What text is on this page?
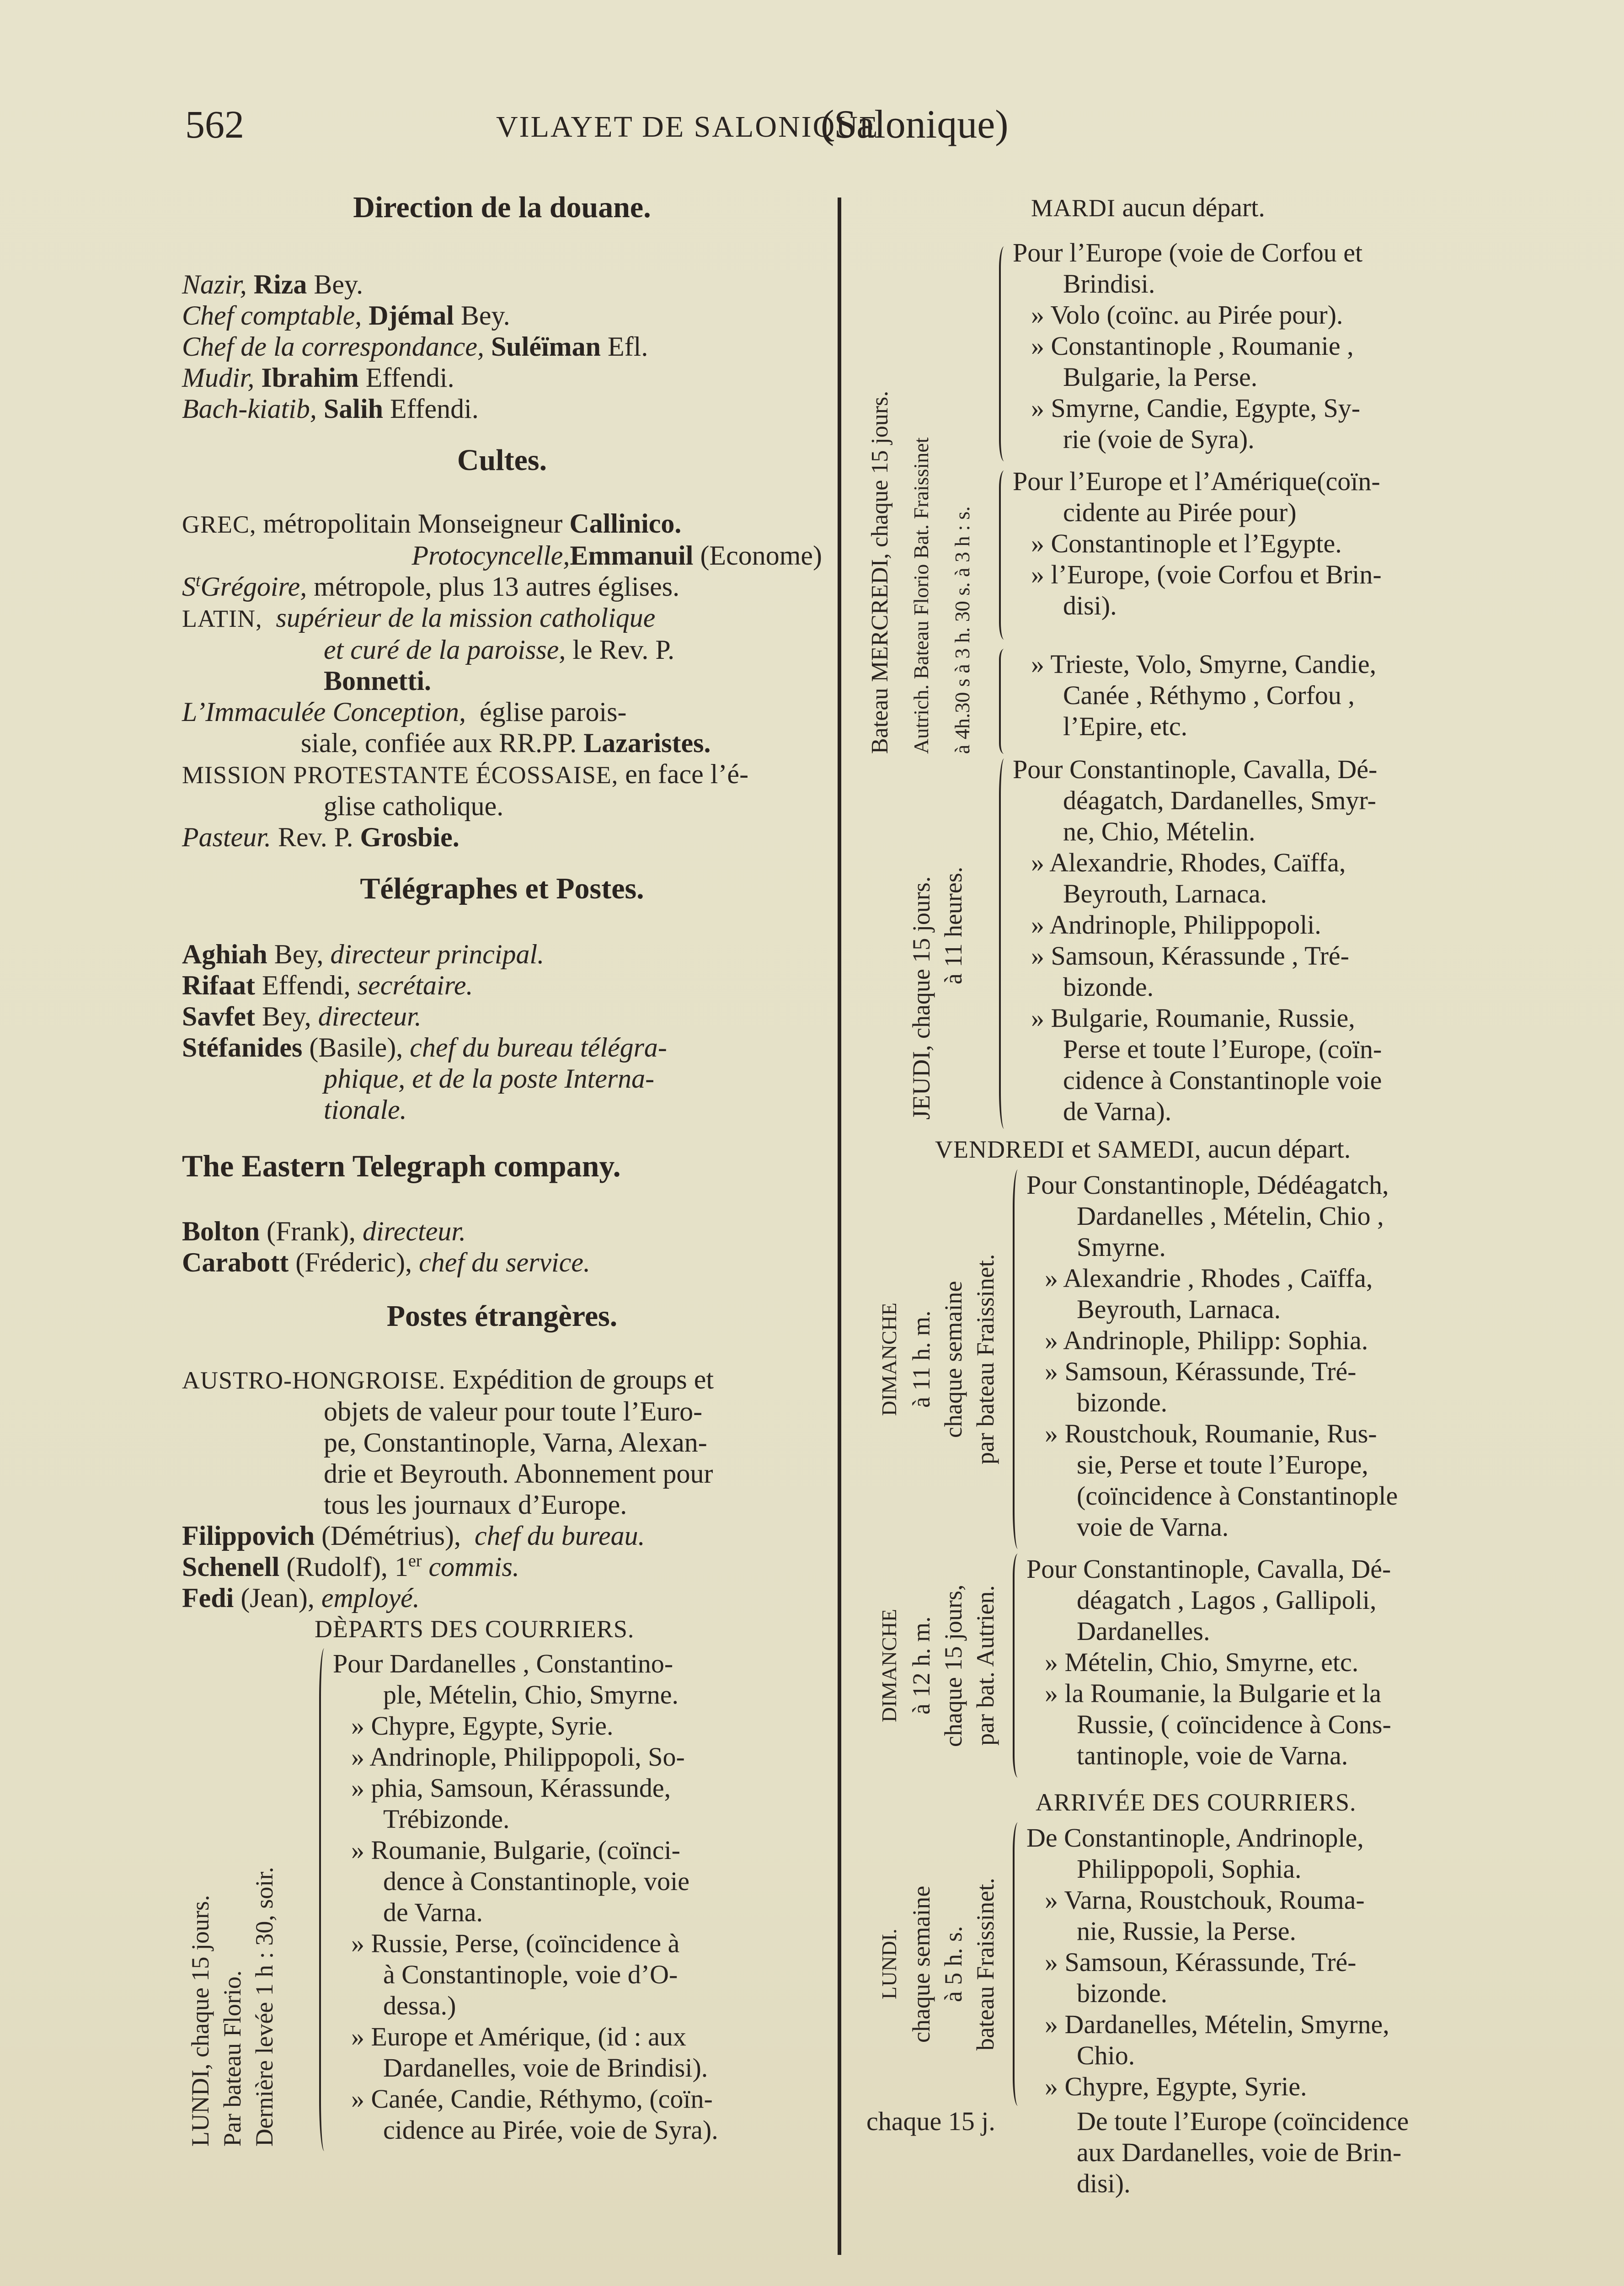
562	VILAYET DE SALONIQUE
(Salonique)

Direction de la douane.

Nazir, Riza Bey.

Chef comptable, Djémal Bey.

Chef de la correspondance, Suléïman Efl.

Mudir, Ibrahim Effendi.

Bach-kiatib, Salih Effendi.

Cultes.

GREC, métropolitain Monseigneur Callinico.

Protocyncelle,Emmanuil (Econome)

$S^tGrégoire$, métropole, plus 13 autres églises.

LATIN, supérieur de la mission catholique

et curé de la paroisse, le Rev. P.

Bonnetti.

L’Immaculée Conception, église parois-

siale, confiée aux RR.PP. Lazaristes.

MISSION PROTESTANTE ÉCOSSAISE, en face l’é-

glise catholique.

Pasteur. Rev. P. Grosbie.

Télégraphes et Postes.

Aghiah Bey, directeur principal.

Rifaat Effendi, secrétaire.

Savfet Bey, directeur.

Stéfanides (Basile), chef du bureau télégra-

phique, et de la poste Interna-

tionale.

The Eastern Telegraph company.

Bolton (Frank), directeur.

Carabott (Fréderic), chef du service.

Postes étrangères.

AUSTRO-HONGROISE. Expédition de groups et

objets de valeur pour toute l’Euro-

pe, Constantinople, Varna, Alexan-

drie et Beyrouth. Abonnement pour

tous les journaux d’Europe.

Filippovich (Démétrius), chef du bureau.

Schenell (Rudolf), 1er commis.

Fedi (Jean), employé.

DÈPARTS DES COURRIERS.

LUNDI, chaque 15 jours. Par bateau Florio. Dernière levée 1 h : 30, soir.

Pour Dardanelles , Constantino-

ple, Mételin, Chio, Smyrne.

» Chypre, Egypte, Syrie.

» Andrinople, Philippopoli, So-

» phia, Samsoun, Kérassunde,

Trébizonde.

» Roumanie, Bulgarie, (coïnci-

dence à Constantinople, voie

de Varna.

» Russie, Perse, (coïncidence à

à Constantinople, voie d’O-

dessa.)

» Europe et Amérique, (id : aux

Dardanelles, voie de Brindisi).

» Canée, Candie, Réthymo, (coïn-

cidence au Pirée, voie de Syra).

MARDI aucun départ.

Bateau MERCREDI, chaque 15 jours. Autrich. Bateau Florio Bat. Fraissinet à 4h.30 s à 3 h. 30 s. à 3 h : s.

Pour l’Europe (voie de Corfou et

Brindisi.

» Volo (coïnc. au Pirée pour).

» Constantinople , Roumanie ,

Bulgarie, la Perse.

» Smyrne, Candie, Egypte, Sy-

rie (voie de Syra).

Pour l’Europe et l’Amérique(coïn-

cidente au Pirée pour)

» Constantinople et l’Egypte.

» l’Europe, (voie Corfou et Brin-

disi).

» Trieste, Volo, Smyrne, Candie,

Canée , Réthymo , Corfou ,

l’Epire, etc.

JEUDI, chaque 15 jours. à 11 heures.

Pour Constantinople, Cavalla, Dé-

déagatch, Dardanelles, Smyr-

ne, Chio, Mételin.

» Alexandrie, Rhodes, Caïffa,

Beyrouth, Larnaca.

» Andrinople, Philippopoli.

» Samsoun, Kérassunde , Tré-

bizonde.

» Bulgarie, Roumanie, Russie,

Perse et toute l’Europe, (coïn-

cidence à Constantinople voie

de Varna).

VENDREDI et SAMEDI, aucun départ.

DIMANCHE à 11 h. m. chaque semaine par bateau Fraissinet.

Pour Constantinople, Dédéagatch,

Dardanelles , Mételin, Chio ,

Smyrne.

» Alexandrie , Rhodes , Caïffa,

Beyrouth, Larnaca.

» Andrinople, Philipp: Sophia.

» Samsoun, Kérassunde, Tré-

bizonde.

» Roustchouk, Roumanie, Rus-

sie, Perse et toute l’Europe,

(coïncidence à Constantinople

voie de Varna.

DIMANCHE à 12 h. m. chaque 15 jours, par bat. Autrien.

Pour Constantinople, Cavalla, Dé-

déagatch , Lagos , Gallipoli,

Dardanelles.

» Mételin, Chio, Smyrne, etc.

» la Roumanie, la Bulgarie et la

Russie, ( coïncidence à Cons-

tantinople, voie de Varna.

ARRIVÉE DES COURRIERS.

LUNDI. chaque semaine à 5 h. s. bateau Fraissinet.

De Constantinople, Andrinople,

Philippopoli, Sophia.

» Varna, Roustchouk, Rouma-

nie, Russie, la Perse.

» Samsoun, Kérassunde, Tré-

bizonde.

» Dardanelles, Mételin, Smyrne,

Chio.

» Chypre, Egypte, Syrie.

chaque 15 j.	De toute l’Europe (coïncidence

aux Dardanelles, voie de Brin-

disi).
